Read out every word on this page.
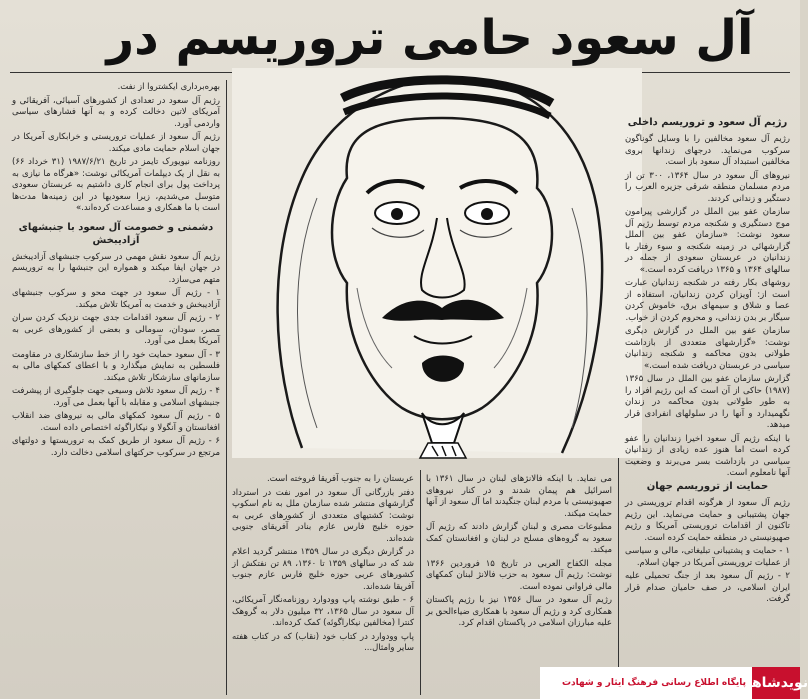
آل سعود حامی تروریسم در

بهره‌برداری ایکشتروا از نفت.

رژیم آل سعود در تعدادی از کشورهای آسیائی، آفریقائی و آمریکای لاتین دخالت کرده و به آنها فشارهای سیاسی واردمی آورد.

رژیم آل سعود از عملیات تروریستی و خرابکاری آمریکا در جهان اسلام حمایت مادی میکند.

روزنامه نیویورک تایمز در تاریخ ۱۹۸۷/۶/۲۱ (۳۱ خرداد ۶۶) به نقل از یک دیپلمات آمریکائی نوشت: «هرگاه ما نیازی به پرداخت پول برای انجام کاری داشتیم به عربستان سعودی متوسل می‌شدیم، زیرا سعودیها در این زمینه‌ها مدت‌ها است با ما همکاری و مساعدت کرده‌اند.»

دشمنی و خصومت آل سعود با جنبشهای آزادیبخش

رژیم آل سعود نقش مهمی در سرکوب جنبشهای آزادیبخش در جهان ایفا میکند و همواره این جنبشها را به تروریسم متهم می‌سازد.

۱ - رژیم آل سعود در جهت محو و سرکوب جنبشهای آزادیبخش و خدمت به آمریکا تلاش میکند.

۲ - رژیم آل سعود اقدامات جدی جهت نزدیک کردن سران مصر، سودان، سومالی و بعضی از کشورهای عربی به آمریکا بعمل می آورد.

۳ - آل سعود حمایت خود را از خط سازشکاری در مقاومت فلسطین به نمایش میگذارد و با اعطای کمکهای مالی به سازمانهای سازشکار تلاش میکند.

۴ - رژیم آل سعود تلاش وسیعی جهت جلوگیری از پیشرفت جنبشهای اسلامی و مقابله با آنها بعمل می آورد.

۵ - رژیم آل سعود کمکهای مالی به نیروهای ضد انقلاب افغانستان و آنگولا و نیکاراگوئه اختصاص داده است.

۶ - رژیم آل سعود از طریق کمک به تروریستها و دولتهای مرتجع در سرکوب حرکتهای اسلامی دخالت دارد.

رژیم آل سعود و تروریسم داخلی

رژیم آل سعود مخالفین را با وسایل گوناگون سرکوب می‌نماید. درجهای زندانها بروی مخالفین استبداد آل سعود باز است.

نیروهای آل سعود در سال ۱۳۶۴، ۳۰۰ تن از مردم مسلمان منطقه شرقی جزیره العرب را دستگیر و زندانی کردند.

سازمان عفو بین الملل در گزارشی پیرامون موج دستگیری و شکنجه مردم توسط رژیم آل سعود نوشت: «سازمان عفو بین الملل گزارشهائی در زمینه شکنجه و سوء رفتار با زندانیان در عربستان سعودی از جمله در سالهای ۱۳۶۴ و ۱۳۶۵ دریافت کرده است.»

روشهای بکار رفته در شکنجه زندانیان عبارت است از: آویزان کردن زندانیان، استفاده از عصا و شلاق و سیمهای برق، خاموش کردن سیگار بر بدن زندانی، و محروم کردن از خواب.

سازمان عفو بین الملل در گزارش دیگری نوشت: «گزارشهای متعددی از بازداشت طولانی بدون محاکمه و شکنجه زندانیان سیاسی در عربستان دریافت شده است.»

گزارش سازمان عفو بین الملل در سال ۱۳۶۵ (۱۹۸۷) حاکی از آن است که این رژیم افراد را به طور طولانی بدون محاکمه در زندان نگهمیدارد و آنها را در سلولهای انفرادی قرار میدهد.

با اینکه رژیم آل سعود اخیرا زندانیان را عفو کرده است اما هنوز عده زیادی از زندانیان سیاسی در بازداشت بسر می‌برند و وضعیت آنها نامعلوم است.

حمایت از تروریسم جهان

رژیم آل سعود از هرگونه اقدام تروریستی در جهان پشتیبانی و حمایت می‌نماید. این رژیم تاکنون از اقدامات تروریستی آمریکا و رژیم صهیونیستی در منطقه حمایت کرده است.

۱ - حمایت و پشتیبانی تبلیغاتی، مالی و سیاسی از عملیات تروریستی آمریکا در جهان اسلام.

۲ - رژیم آل سعود بعد از جنگ تحمیلی علیه ایران اسلامی، در صف حامیان صدام قرار گرفت.

عربستان را به جنوب آفریقا فروخته است.

دفتر بازرگانی آل سعود در امور نفت در استرداد گزارشهای منتشر شده سازمان ملل به نام اسکوپ نوشت: کشتیهای متعددی از کشورهای عربی به حوزه خلیج فارس عازم بنادر آفریقای جنوبی شده‌اند.

در گزارش دیگری در سال ۱۳۵۹ منتشر گردید اعلام شد که در سالهای ۱۳۵۹ تا ۱۳۶۰، ۸۹ تن نفتکش از کشورهای عربی حوزه خلیج فارس عازم جنوب آفریقا شده‌اند.

۶ - طبق نوشته پاپ وودوارد روزنامه‌نگار آمریکائی، آل سعود در سال ۱۳۶۵، ۳۲ میلیون دلار به گروهک کنترا (مخالفین نیکاراگوئه) کمک کرده‌اند.

پاپ وودوارد در کتاب خود (نقاب) که در کتاب هفته سایر وامثال...

می نماید. با اینکه فالانژهای لبنان در سال ۱۳۶۱ با اسرائیل هم پیمان شدند و در کنار نیروهای صهیونیستی با مردم لبنان جنگیدند اما آل سعود از آنها حمایت میکند.

مطبوعات مصری و لبنان گزارش دادند که رژیم آل سعود به گروه‌های مسلح در لبنان و افغانستان کمک میکند.

مجله الکفاح العربی در تاریخ ۱۵ فروردین ۱۳۶۶ نوشت: رژیم آل سعود به حزب فالانژ لبنان کمکهای مالی فراوانی نموده است.

رژیم آل سعود در سال ۱۳۵۶ نیز با رژیم پاکستان همکاری کرد و رژیم آل سعود با همکاری ضیاءالحق بر علیه مبارزان اسلامی در پاکستان اقدام کرد.

نویدشاهد
پایگاه اطلاع رسانی فرهنگ ایثار و شهادت
